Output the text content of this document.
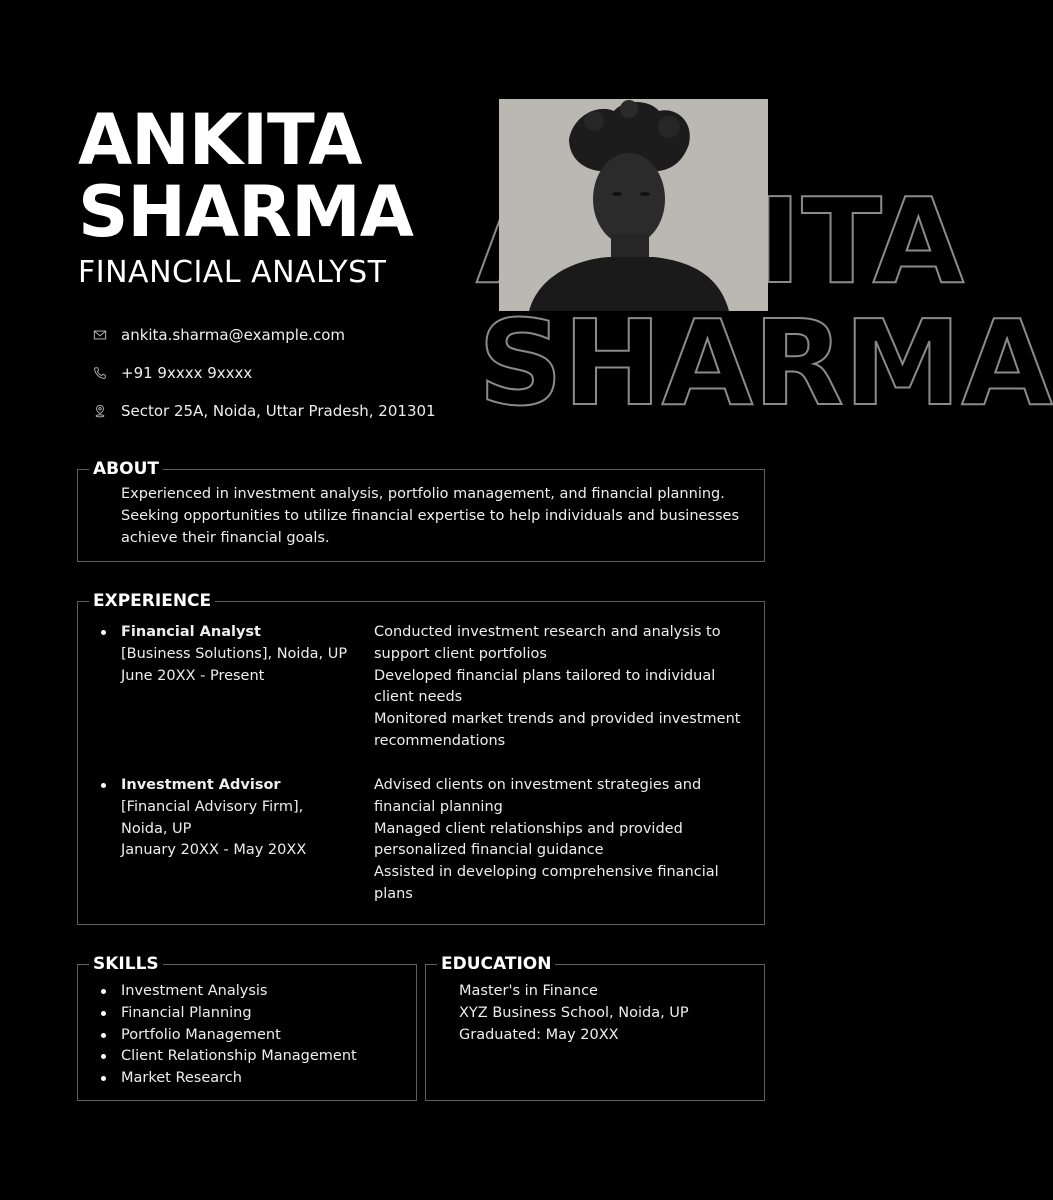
SHARMA
ANKITA
SHARMA
FINANCIAL ANALYST
ankita.sharma@example.com
+91 9xxxx 9xxxx
Sector 25A, Noida, Uttar Pradesh, 201301
ABOUT
Experienced in investment analysis, portfolio management, and financial planning.
Seeking opportunities to utilize financial expertise to help individuals and businesses
achieve their financial goals.
EXPERIENCE
Financial Analyst
[Business Solutions], Noida, UP
June 20XX - Present
Conducted investment research and analysis to
support client portfolios
Developed financial plans tailored to individual
client needs
Monitored market trends and provided investment
recommendations
Investment Advisor
[Financial Advisory Firm],
Noida, UP
January 20XX - May 20XX
Advised clients on investment strategies and
financial planning
Managed client relationships and provided
personalized financial guidance
Assisted in developing comprehensive financial
plans
SKILLS
Investment Analysis
Financial Planning
Portfolio Management
Client Relationship Management
Market Research
EDUCATION
Master's in Finance
XYZ Business School, Noida, UP
Graduated: May 20XX
